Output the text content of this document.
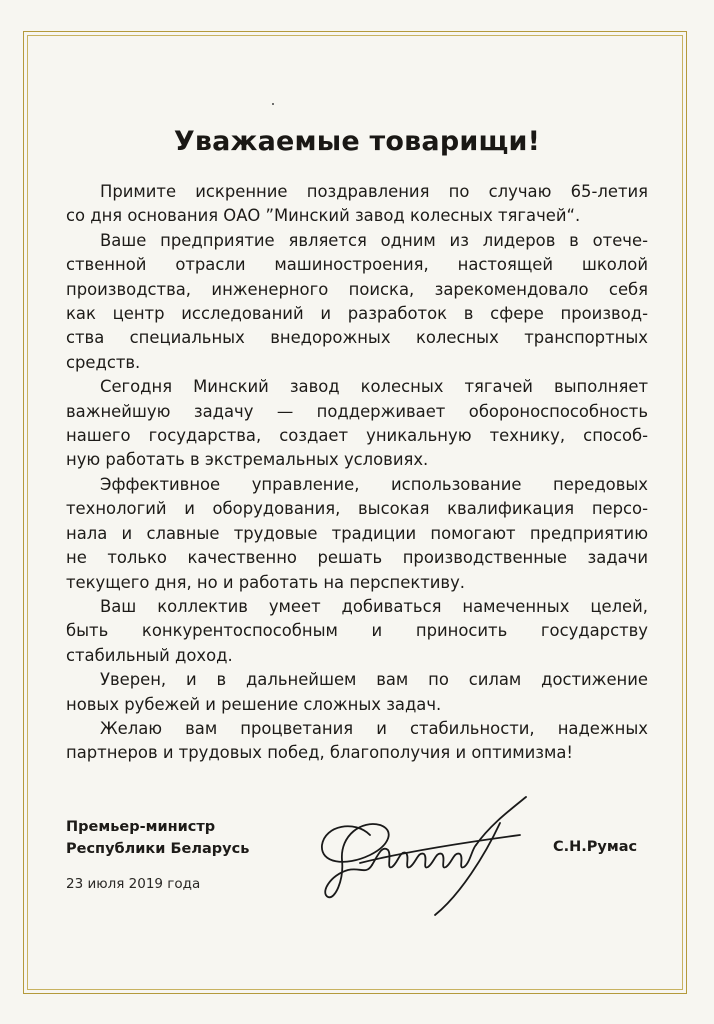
Уважаемые товарищи!
Примите искренние поздравления по случаю 65-летия
со дня основания ОАО ”Минский завод колесных тягачей“.
Ваше предприятие является одним из лидеров в отече-
ственной отрасли машиностроения, настоящей школой
производства, инженерного поиска, зарекомендовало себя
как центр исследований и разработок в сфере производ-
ства специальных внедорожных колесных транспортных
средств.
Сегодня Минский завод колесных тягачей выполняет
важнейшую задачу — поддерживает обороноспособность
нашего государства, создает уникальную технику, способ-
ную работать в экстремальных условиях.
Эффективное управление, использование передовых
технологий и оборудования, высокая квалификация персо-
нала и славные трудовые традиции помогают предприятию
не только качественно решать производственные задачи
текущего дня, но и работать на перспективу.
Ваш коллектив умеет добиваться намеченных целей,
быть конкурентоспособным и приносить государству
стабильный доход.
Уверен, и в дальнейшем вам по силам достижение
новых рубежей и решение сложных задач.
Желаю вам процветания и стабильности, надежных
партнеров и трудовых побед, благополучия и оптимизма!
Премьер-министр
Республики Беларусь
23 июля 2019 года
С.Н.Румас
